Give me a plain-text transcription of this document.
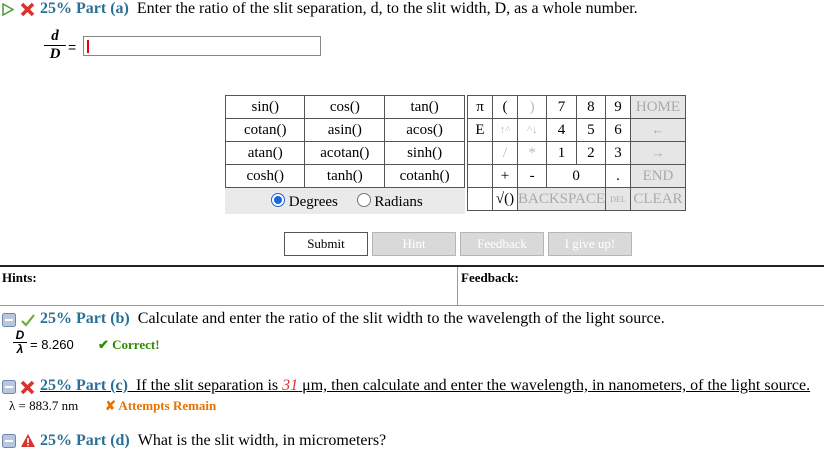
25% Part (a) Enter the ratio of the slit separation, d, to the slit width, D, as a whole number.
d
D =
sin()	cos()	tan()
cotan()	asin()	acos()
atan()	acotan()	sinh()
cosh()	tanh()	cotanh()
Degrees Radians
π	(	)	7	8	9	HOME
E	↑^	^↓	4	5	6	←
	/	*	1	2	3	→
	+	-	0		.	END
	√()	BACKSPACE			DEL	CLEAR
Submit	Hint	Feedback	I give up!
Hints:	Feedback:
25% Part (b) Calculate and enter the ratio of the slit width to the wavelength of the light source.
D
λ = 8.260 ✔ Correct!
25% Part (c) If the slit separation is 31 μm, then calculate and enter the wavelength, in nanometers, of the light source.
λ = 883.7 nm ✘ Attempts Remain
25% Part (d) What is the slit width, in micrometers?
